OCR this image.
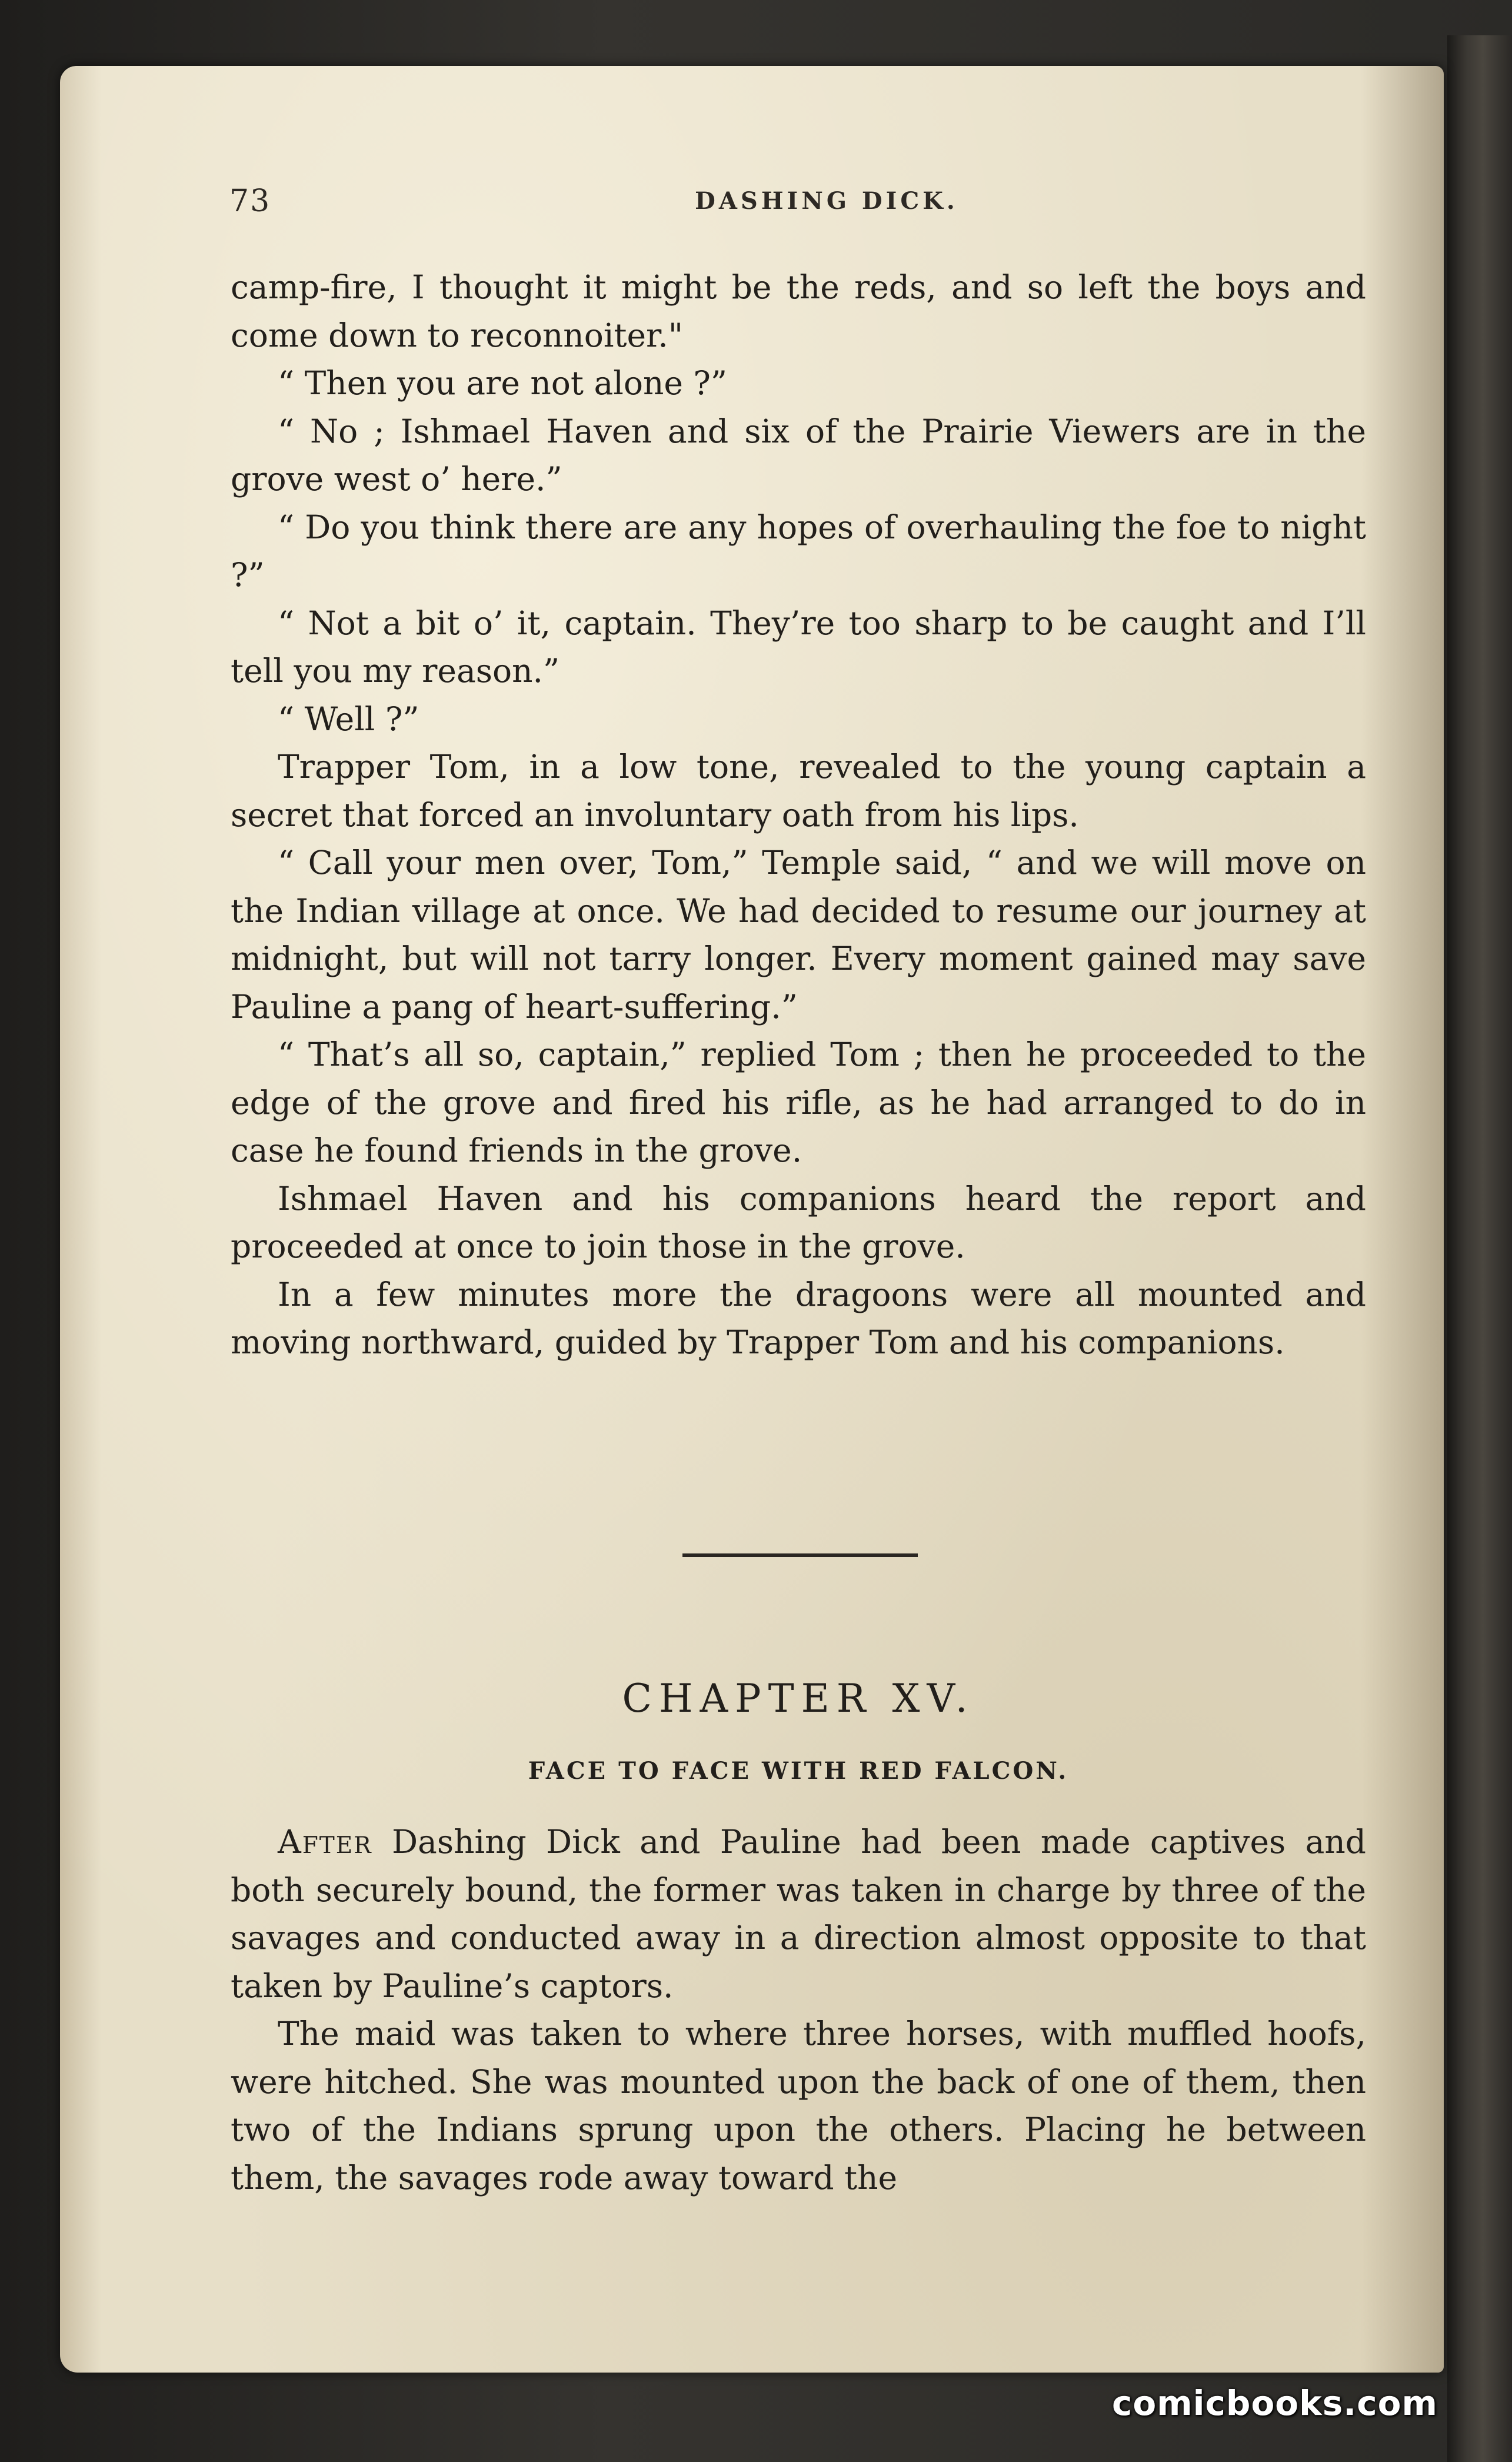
73	DASHING DICK.

camp-fire, I thought it might be the reds, and so left the boys and come down to reconnoiter."

“ Then you are not alone ?”

“ No ; Ishmael Haven and six of the Prairie Viewers are in the grove west o’ here.”

“ Do you think there are any hopes of overhauling the foe to night ?”

“ Not a bit o’ it, captain. They’re too sharp to be caught and I’ll tell you my reason.”

“ Well ?”

Trapper Tom, in a low tone, revealed to the young captain a secret that forced an involuntary oath from his lips.

“ Call your men over, Tom,” Temple said, “ and we will move on the Indian village at once. We had decided to resume our journey at midnight, but will not tarry longer. Every moment gained may save Pauline a pang of heart-suffering.”

“ That’s all so, captain,” replied Tom ; then he proceeded to the edge of the grove and fired his rifle, as he had arranged to do in case he found friends in the grove.

Ishmael Haven and his companions heard the report and proceeded at once to join those in the grove.

In a few minutes more the dragoons were all mounted and moving northward, guided by Trapper Tom and his companions.

CHAPTER XV.
FACE TO FACE WITH RED FALCON.

After Dashing Dick and Pauline had been made captives and both securely bound, the former was taken in charge by three of the savages and conducted away in a direction almost opposite to that taken by Pauline’s captors.

The maid was taken to where three horses, with muffled hoofs, were hitched. She was mounted upon the back of one of them, then two of the Indians sprung upon the others. Placing he between them, the savages rode away toward the

comicbooks.com
